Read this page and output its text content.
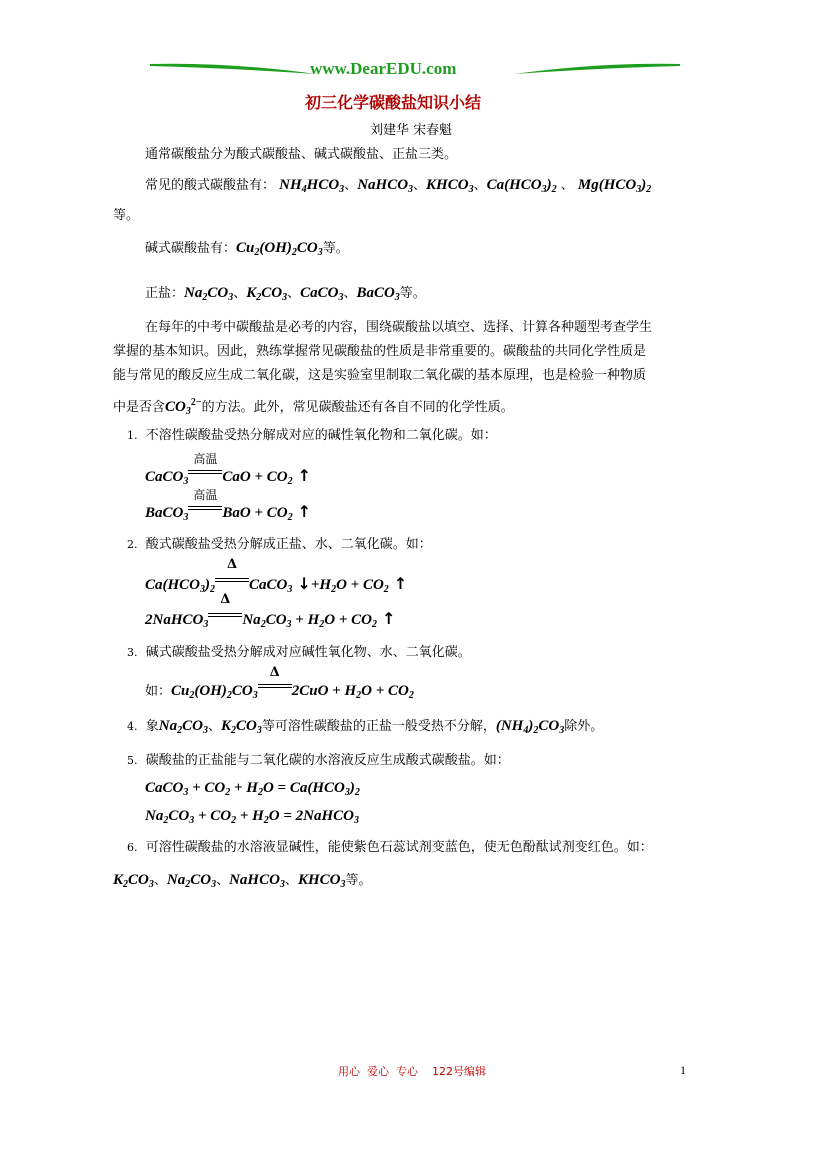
www.DearEDU.com
初三化学碳酸盐知识小结
刘建华 宋春魁
通常碳酸盐分为酸式碳酸盐、碱式碳酸盐、正盐三类。
常见的酸式碳酸盐有： $NH_4HCO_3$、NaHCO$_3$、$KHCO_3$、$Ca(HCO_3)_2$ 、 $Mg(HCO_3)_2$
等。
碱式碳酸盐有：$Cu_2(OH)_2CO_3$等。
正盐：$Na_2CO_3$、$K_2CO_3$、CaCO$_3$、BaCO$_3$等。
在每年的中考中碳酸盐是必考的内容，围绕碳酸盐以填空、选择、计算各种题型考查学生
掌握的基本知识。因此，熟练掌握常见碳酸盐的性质是非常重要的。碳酸盐的共同化学性质是
能与常见的酸反应生成二氧化碳，这是实验室里制取二氧化碳的基本原理，也是检验一种物质
中是否含$CO_3^{2-}$的方法。此外，常见碳酸盐还有各自不同的化学性质。
1. 不溶性碳酸盐受热分解成对应的碱性氧化物和二氧化碳。如：
CaCO$_3$
高温
CaO + $CO_2$ ↑
BaCO$_3$
高温
BaO + $CO_2$ ↑
2. 酸式碳酸盐受热分解成正盐、水、二氧化碳。如：
$Ca(HCO_3)_2$
Δ
CaCO$_3$ $↓+H_2O + CO_2$ ↑
2NaHCO$_3$
Δ
$Na_2CO_3 + H_2O + CO_2$ ↑
3. 碱式碳酸盐受热分解成对应碱性氧化物、水、二氧化碳。
如：$Cu_2(OH)_2CO_3$
Δ
$2CuO + H_2O + CO_2$
4. 象$Na_2CO_3$、$K_2CO_3$等可溶性碳酸盐的正盐一般受热不分解，$(NH_4)_2CO_3$除外。
5. 碳酸盐的正盐能与二氧化碳的水溶液反应生成酸式碳酸盐。如：
CaCO$_3$ + $CO_2 + H_2O = Ca(HCO_3)_2$
$Na_2CO_3 + CO_2 + H_2O$ = 2NaHCO$_3$
6. 可溶性碳酸盐的水溶液显碱性，能使紫色石蕊试剂变蓝色，使无色酚酞试剂变红色。如：
$K_2CO_3$、$Na_2CO_3$、NaHCO$_3$、$KHCO_3$等。
用心  爱心  专心    122号编辑	1
